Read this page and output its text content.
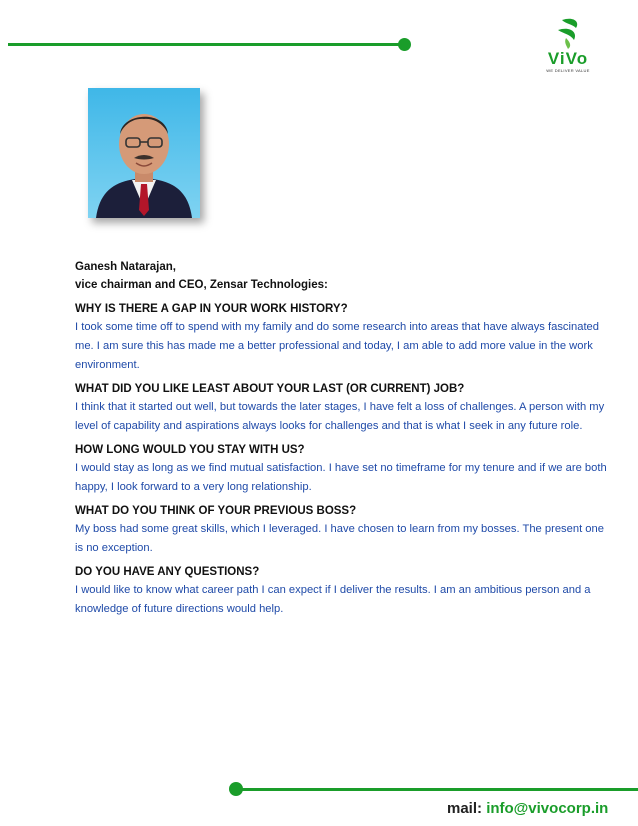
ViVo
WE DELIVER VALUE
Ganesh Natarajan,
vice chairman and CEO, Zensar Technologies:
WHY IS THERE A GAP IN YOUR WORK HISTORY?
I took some time off to spend with my family and do some research into areas that have always fascinated me. I am sure this has made me a better professional and today, I am able to add more value in the work environment.
WHAT DID YOU LIKE LEAST ABOUT YOUR LAST (OR CURRENT) JOB?
I think that it started out well, but towards the later stages, I have felt a loss of challenges. A person with my level of capability and aspirations always looks for challenges and that is what I seek in any future role.
HOW LONG WOULD YOU STAY WITH US?
I would stay as long as we find mutual satisfaction. I have set no timeframe for my tenure and if we are both happy, I look forward to a very long relationship.
WHAT DO YOU THINK OF YOUR PREVIOUS BOSS?
My boss had some great skills, which I leveraged. I have chosen to learn from my bosses. The present one is no exception.
DO YOU HAVE ANY QUESTIONS?
I would like to know what career path I can expect if I deliver the results. I am an ambitious person and a knowledge of future directions would help.
mail: info@vivocorp.in
